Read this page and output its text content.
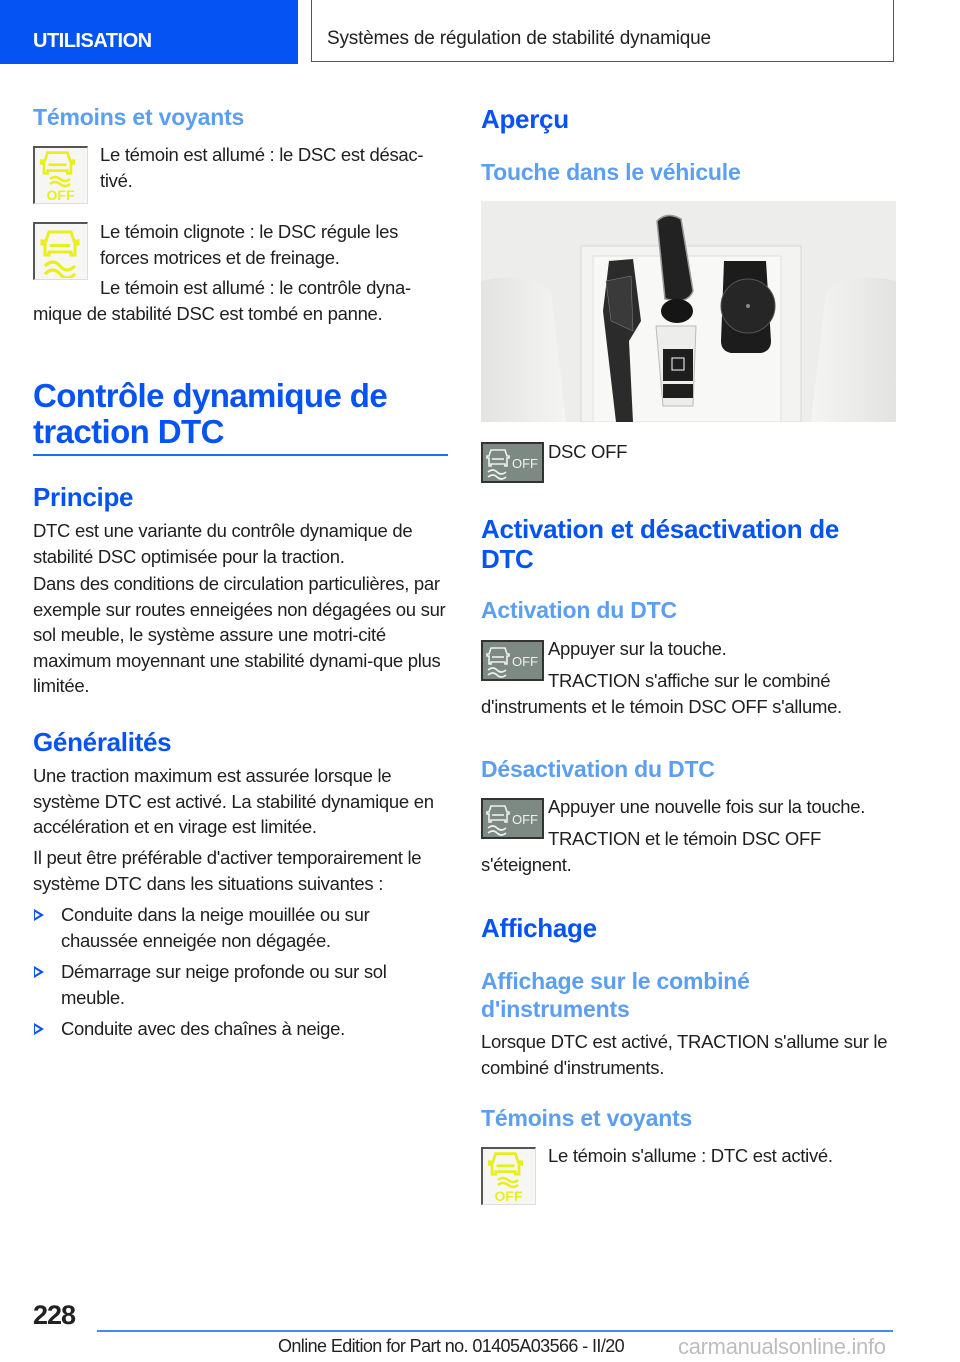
UTILISATION	Systèmes de régulation de stabilité dynamique
Témoins et voyants
OFF
Le témoin est allumé : le DSC est désac-tivé.
Le témoin clignote : le DSC régule les forces motrices et de freinage.
Le témoin est allumé : le contrôle dyna-mique de stabilité DSC est tombé en panne.
Contrôle dynamique de
traction DTC
Principe
DTC est une variante du contrôle dynamique de stabilité DSC optimisée pour la traction.
Dans des conditions de circulation particulières, par exemple sur routes enneigées non dégagées ou sur sol meuble, le système assure une motri-cité maximum moyennant une stabilité dynami-que plus limitée.
Généralités
Une traction maximum est assurée lorsque le système DTC est activé. La stabilité dynamique en accélération et en virage est limitée.
Il peut être préférable d'activer temporairement le système DTC dans les situations suivantes :
Conduite dans la neige mouillée ou sur chaussée enneigée non dégagée.
Démarrage sur neige profonde ou sur sol meuble.
Conduite avec des chaînes à neige.
Aperçu
Touche dans le véhicule
OFF
DSC OFF
Activation et désactivation de
DTC
Activation du DTC
OFF
Appuyer sur la touche.
TRACTION s'affiche sur le combiné d'instruments et le témoin DSC OFF s'allume.
Désactivation du DTC
OFF
Appuyer une nouvelle fois sur la touche.
TRACTION et le témoin DSC OFF s'éteignent.
Affichage
Affichage sur le combiné d'instruments
Lorsque DTC est activé, TRACTION s'allume sur le combiné d'instruments.
Témoins et voyants
OFF
Le témoin s'allume : DTC est activé.
228
Online Edition for Part no. 01405A03566 - II/20 carmanualsonline.info
